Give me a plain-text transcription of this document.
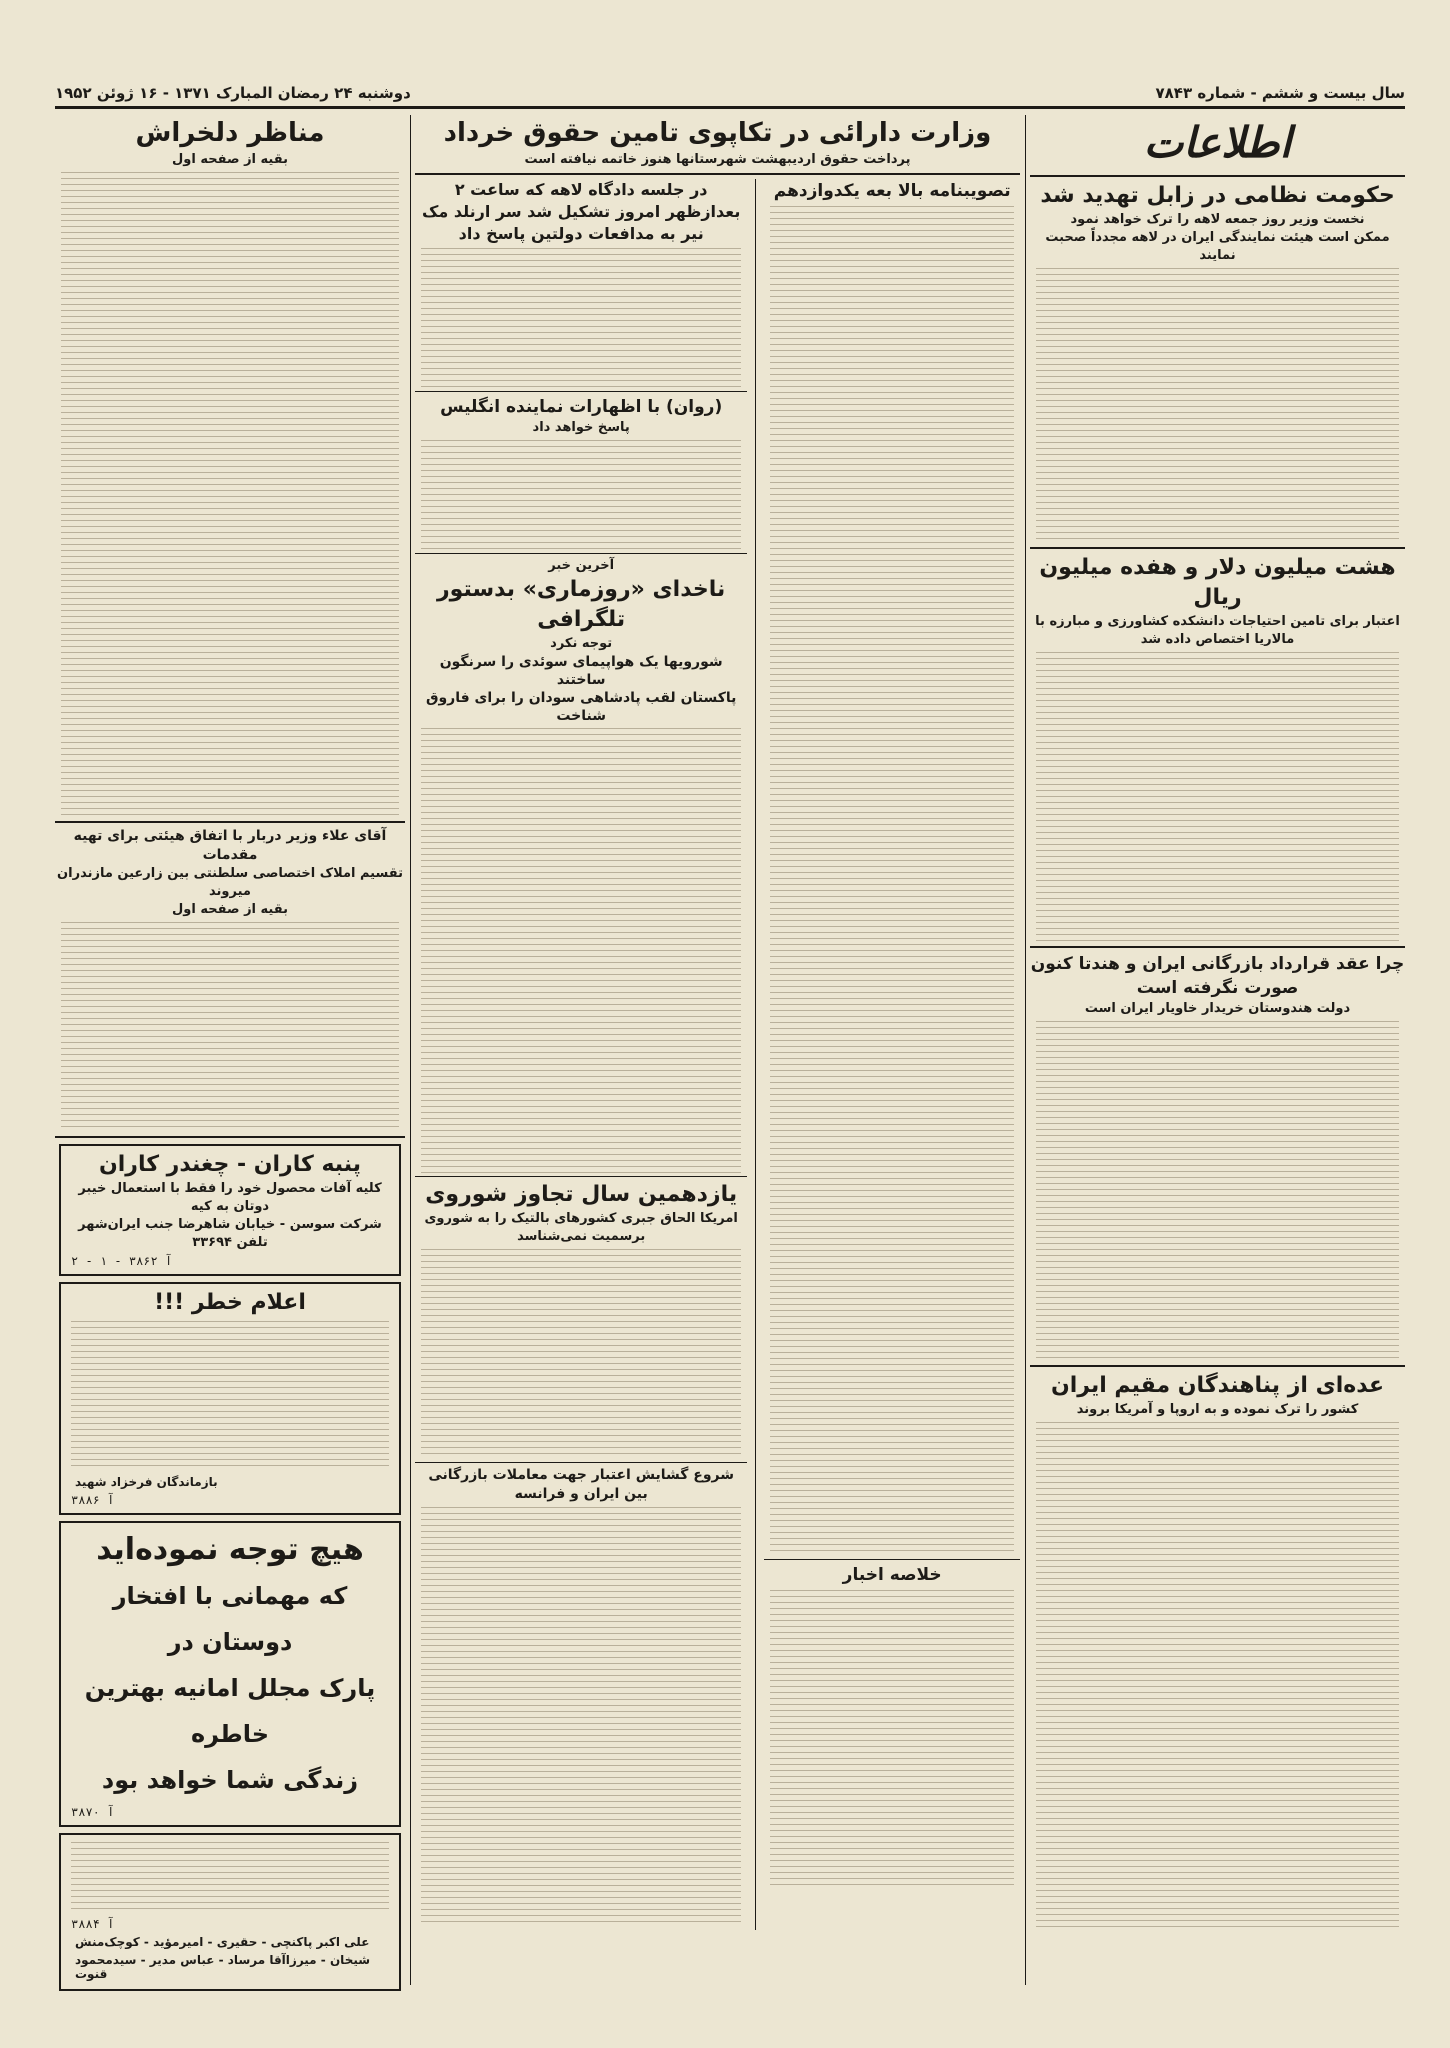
سال بیست و ششم - شماره ۷۸۴۳
دوشنبه ۲۴ رمضان المبارک ۱۳۷۱ - ۱۶ ژوئن ۱۹۵۲
اطلاعات
حکومت نظامی در زابل تهدید شد
نخست وزیر روز جمعه لاهه را ترک خواهد نمود
ممکن است هیئت نمایندگی ایران در لاهه مجدداً صحبت نمایند
هشت میلیون دلار و هفده میلیون ریال
اعتبار برای تامین احتیاجات دانشکده کشاورزی و مبارزه با مالاریا اختصاص داده شد
چرا عقد قرارداد بازرگانی ایران و هندتا کنون صورت نگرفته است
دولت هندوستان خریدار خاویار ایران است
عده‌ای از پناهندگان مقیم ایران
کشور را ترک نموده و به اروپا و آمریکا بروند
وزارت دارائی در تکاپوی تامین حقوق خرداد
پرداخت حقوق اردیبهشت شهرستانها هنوز خاتمه نیافته است
تصویبنامه بالا بعه یکدوازدهم
خلاصه اخبار
در جلسه دادگاه لاهه که ساعت ۲ بعدازظهر امروز تشکیل شد سر ارنلد مک نیر به مدافعات دولتین پاسخ داد
(روان) با اظهارات نماینده انگلیس
پاسخ خواهد داد
آخرین خبر
ناخدای «روزماری» بدستور تلگرافی
توجه نکرد
شورویها یک هواپیمای سوئدی را سرنگون ساختند
پاکستان لقب پادشاهی سودان را برای فاروق شناخت
یازدهمین سال تجاوز شوروی
امریکا الحاق جبری کشورهای بالتیک را به شوروی برسمیت نمی‌شناسد
شروع گشایش اعتبار جهت معاملات بازرگانی بین ایران و فرانسه
مناظر دلخراش
بقیه از صفحه اول
آقای علاء وزیر دربار با اتفاق هیئتی برای تهیه مقدمات
تقسیم املاک اختصاصی سلطنتی بین زارعین مازندران میروند
بقیه از صفحه اول
پنبه کاران - چغندر کاران
کلیه آفات محصول خود را فقط با استعمال خیبر دوتان به کیه
شرکت سوسن - خیابان شاهرضا جنب ایران‌شهر تلفن ۳۳۶۹۴
آ ۳۸۶۲ - ۱ - ۲
اعلام خطر !!!
بازماندگان فرخزاد شهید
آ ۳۸۸۶
هیچ توجه نموده‌اید
که مهمانی با افتخار دوستان در
پارک مجلل امانیه بهترین خاطره
زندگی شما خواهد بود
آ ۳۸۷۰
آ ۳۸۸۴
علی اکبر پاکنچی - حقیری - امیرمؤید - کوچک‌منش
شیخان - میرزاآقا مرساد - عباس مدیر - سیدمحمود قنوت
